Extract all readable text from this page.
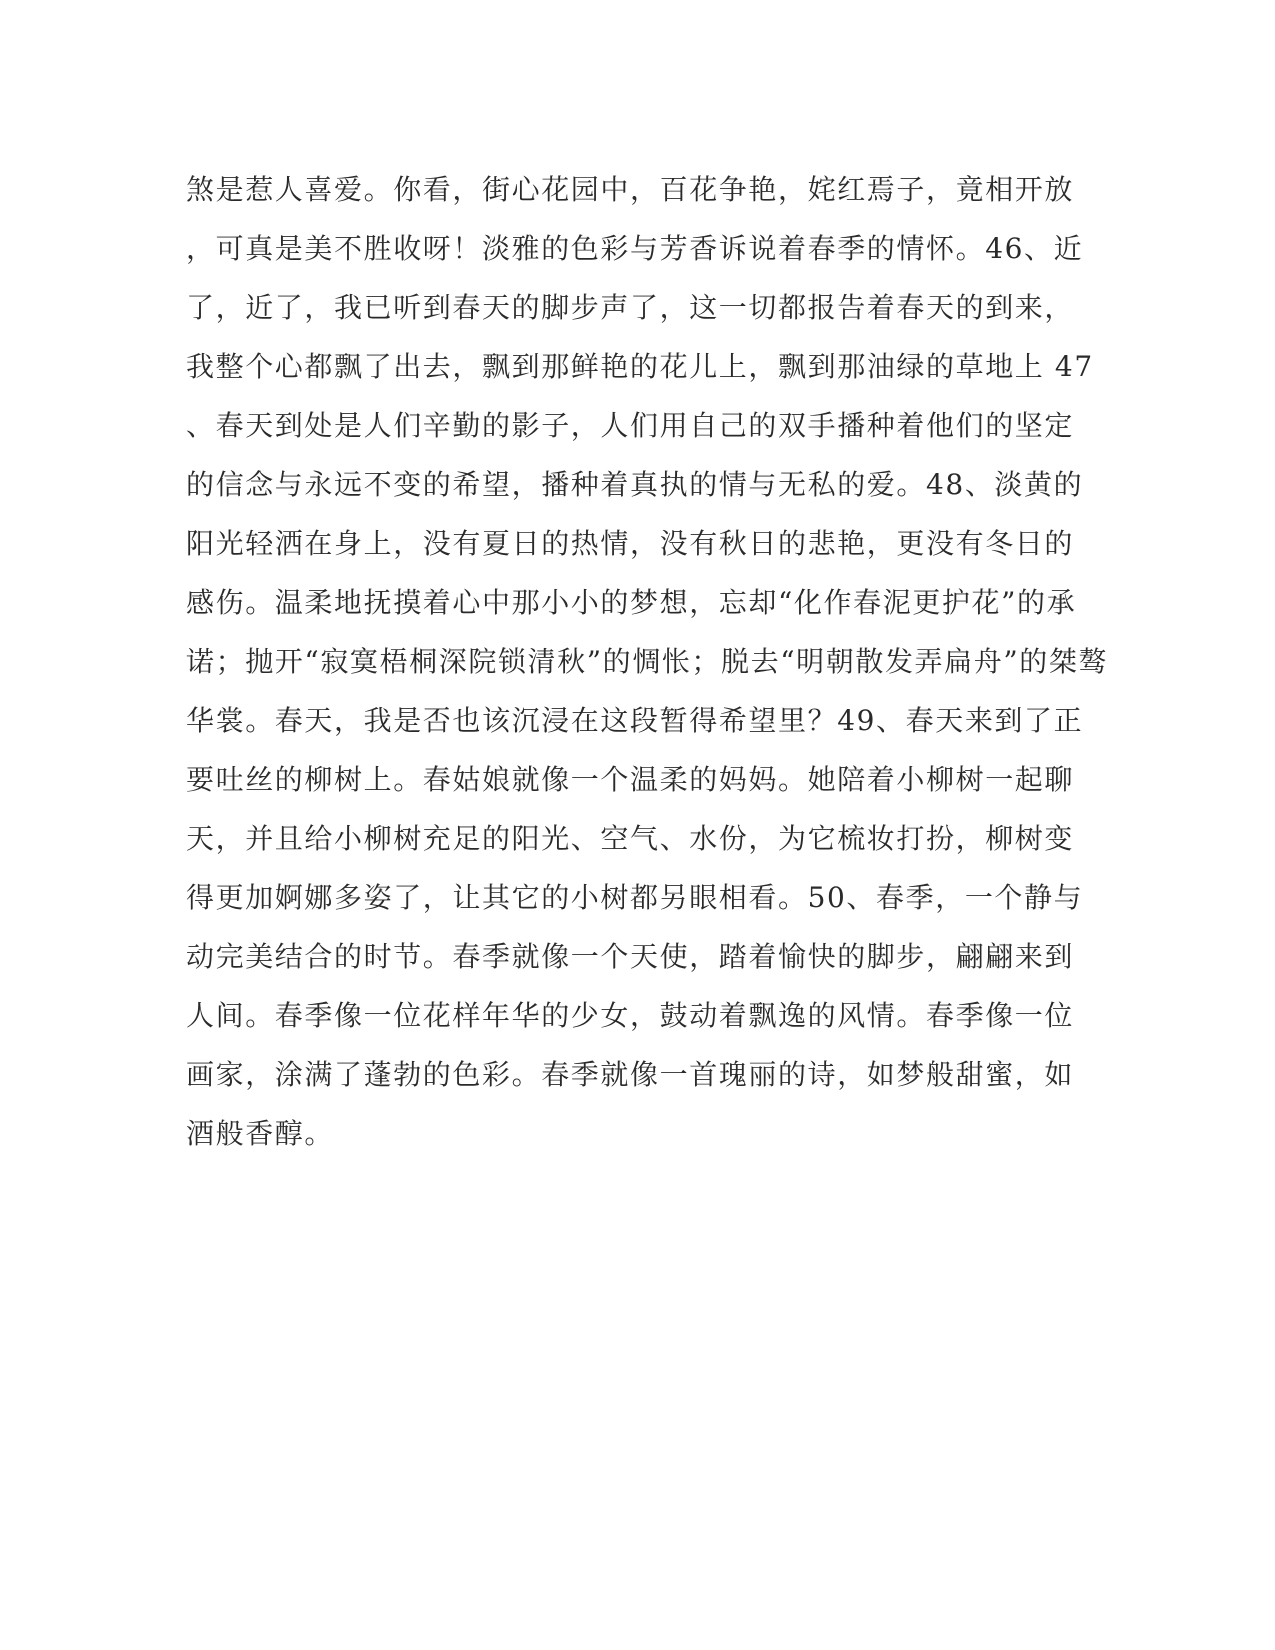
煞是惹人喜爱。你看，街心花园中，百花争艳，姹红焉子，竟相开放
，可真是美不胜收呀！淡雅的色彩与芳香诉说着春季的情怀。46、近
了，近了，我已听到春天的脚步声了，这一切都报告着春天的到来，
我整个心都飘了出去，飘到那鲜艳的花儿上，飘到那油绿的草地上 47
、春天到处是人们辛勤的影子，人们用自己的双手播种着他们的坚定
的信念与永远不变的希望，播种着真执的情与无私的爱。48、淡黄的
阳光轻洒在身上，没有夏日的热情，没有秋日的悲艳，更没有冬日的
感伤。温柔地抚摸着心中那小小的梦想，忘却“化作春泥更护花”的承
诺；抛开“寂寞梧桐深院锁清秋”的惆怅；脱去“明朝散发弄扁舟”的桀骜
华裳。春天，我是否也该沉浸在这段暂得希望里？49、春天来到了正
要吐丝的柳树上。春姑娘就像一个温柔的妈妈。她陪着小柳树一起聊
天，并且给小柳树充足的阳光、空气、水份，为它梳妆打扮，柳树变
得更加婀娜多姿了，让其它的小树都另眼相看。50、春季，一个静与
动完美结合的时节。春季就像一个天使，踏着愉快的脚步，翩翩来到
人间。春季像一位花样年华的少女，鼓动着飘逸的风情。春季像一位
画家，涂满了蓬勃的色彩。春季就像一首瑰丽的诗，如梦般甜蜜，如
酒般香醇。
